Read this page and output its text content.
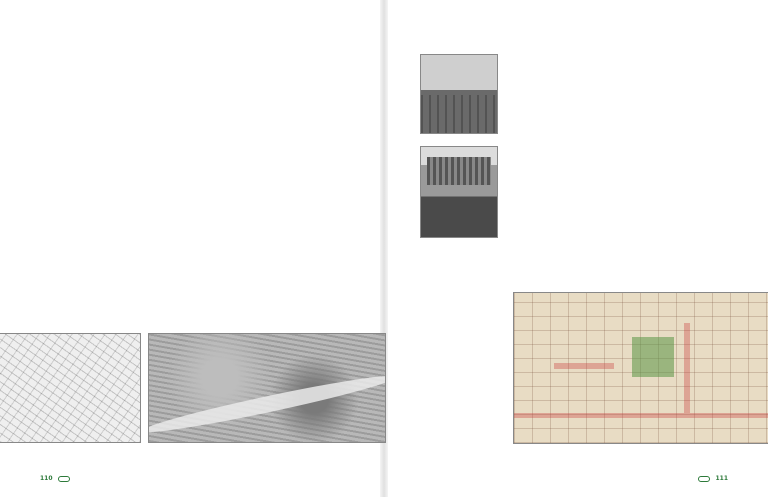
110	111
